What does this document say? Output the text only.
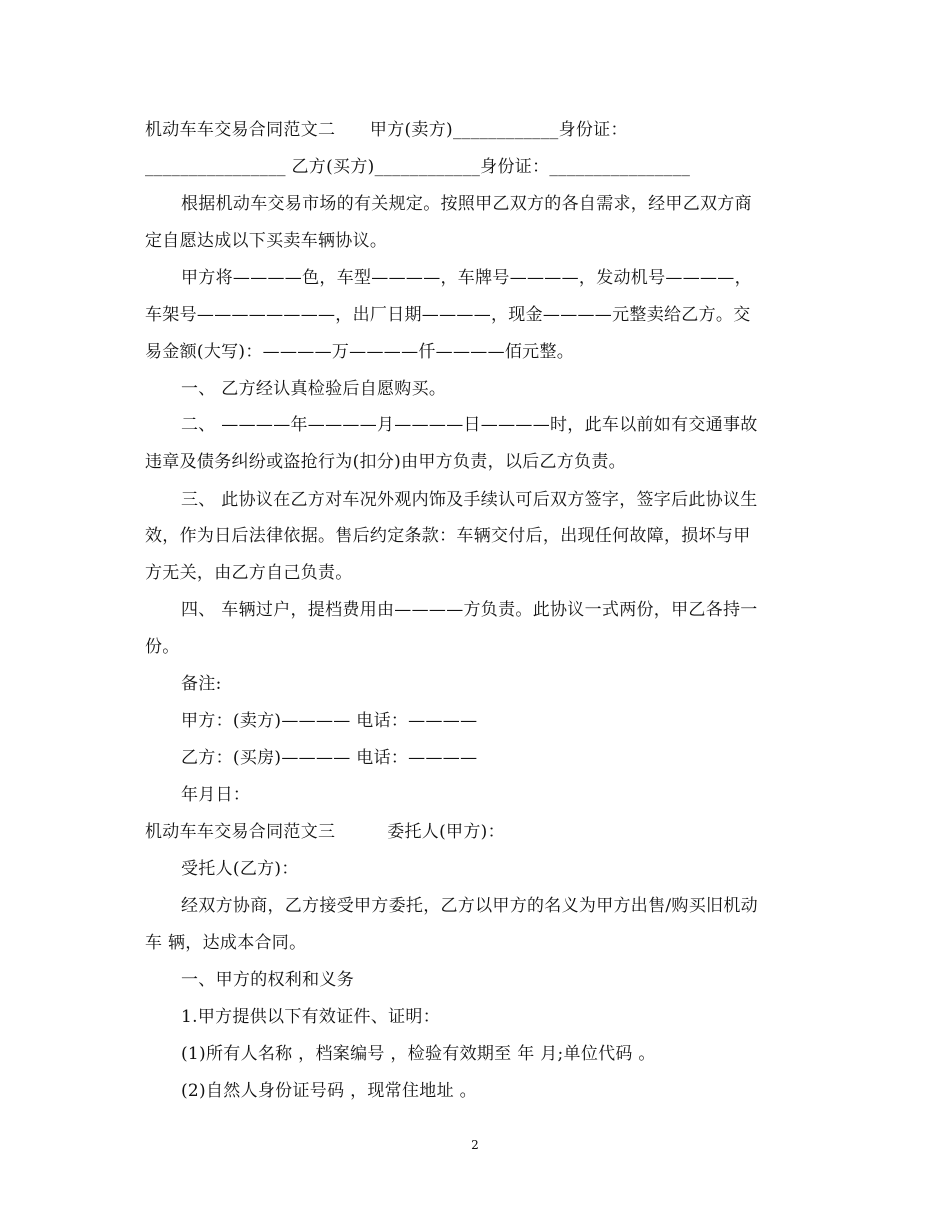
机动车车交易合同范文二　　甲方(卖方)____________身份证：
________________ 乙方(买方)____________身份证：________________
根据机动车交易市场的有关规定。按照甲乙双方的各自需求，经甲乙双方商
定自愿达成以下买卖车辆协议。
甲方将————色，车型————，车牌号————，发动机号————，
车架号————————，出厂日期————，现金————元整卖给乙方。交
易金额(大写)：————万————仟————佰元整。
一、 乙方经认真检验后自愿购买。
二、 ————年————月————日————时，此车以前如有交通事故
违章及债务纠纷或盗抢行为(扣分)由甲方负责，以后乙方负责。
三、 此协议在乙方对车况外观内饰及手续认可后双方签字，签字后此协议生
效，作为日后法律依据。售后约定条款：车辆交付后，出现任何故障，损坏与甲
方无关，由乙方自己负责。
四、 车辆过户，提档费用由————方负责。此协议一式两份，甲乙各持一
份。
备注:
甲方：(卖方)———— 电话：————
乙方：(买房)———— 电话：————
年月日：
机动车车交易合同范文三　　　委托人(甲方)：
受托人(乙方)：
经双方协商，乙方接受甲方委托，乙方以甲方的名义为甲方出售/购买旧机动
车 辆，达成本合同。
一、甲方的权利和义务
1.甲方提供以下有效证件、证明：
(1)所有人名称 ，档案编号 ，检验有效期至 年 月;单位代码 。
(2)自然人身份证号码 ，现常住地址 。
2
